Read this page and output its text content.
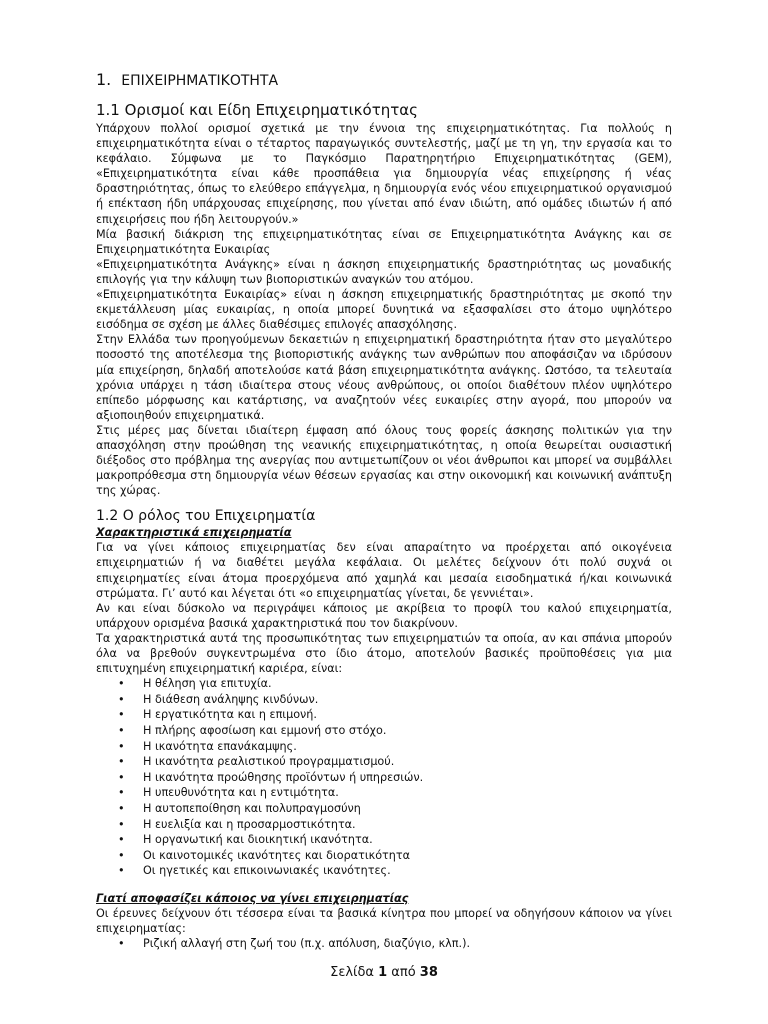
1. ΕΠΙΧΕΙΡΗΜΑΤΙΚΟΤΗΤΑ
1.1 Ορισμοί και Είδη Επιχειρηματικότητας

Υπάρχουν πολλοί ορισμοί σχετικά με την έννοια της επιχειρηματικότητας. Για πολλούς η επιχειρηματικότητα είναι ο τέταρτος παραγωγικός συντελεστής, μαζί με τη γη, την εργασία και το κεφάλαιο. Σύμφωνα με το Παγκόσμιο Παρατηρητήριο Επιχειρηματικότητας (GEM), «Επιχειρηματικότητα είναι κάθε προσπάθεια για δημιουργία νέας επιχείρησης ή νέας δραστηριότητας, όπως το ελεύθερο επάγγελμα, η δημιουργία ενός νέου επιχειρηματικού οργανισμού ή επέκταση ήδη υπάρχουσας επιχείρησης, που γίνεται από έναν ιδιώτη, από ομάδες ιδιωτών ή από επιχειρήσεις που ήδη λειτουργούν.»

Μία βασική διάκριση της επιχειρηματικότητας είναι σε Επιχειρηματικότητα Ανάγκης και σε Επιχειρηματικότητα Ευκαιρίας

«Επιχειρηματικότητα Ανάγκης» είναι η άσκηση επιχειρηματικής δραστηριότητας ως μοναδικής επιλογής για την κάλυψη των βιοποριστικών αναγκών του ατόμου.

«Επιχειρηματικότητα Ευκαιρίας» είναι η άσκηση επιχειρηματικής δραστηριότητας με σκοπό την εκμετάλλευση μίας ευκαιρίας, η οποία μπορεί δυνητικά να εξασφαλίσει στο άτομο υψηλότερο εισόδημα σε σχέση με άλλες διαθέσιμες επιλογές απασχόλησης.

Στην Ελλάδα των προηγούμενων δεκαετιών η επιχειρηματική δραστηριότητα ήταν στο μεγαλύτερο ποσοστό της αποτέλεσμα της βιοποριστικής ανάγκης των ανθρώπων που αποφάσιζαν να ιδρύσουν μία επιχείρηση, δηλαδή αποτελούσε κατά βάση επιχειρηματικότητα ανάγκης. Ωστόσο, τα τελευταία χρόνια υπάρχει η τάση ιδιαίτερα στους νέους ανθρώπους, οι οποίοι διαθέτουν πλέον υψηλότερο επίπεδο μόρφωσης και κατάρτισης, να αναζητούν νέες ευκαιρίες στην αγορά, που μπορούν να αξιοποιηθούν επιχειρηματικά.

Στις μέρες μας δίνεται ιδιαίτερη έμφαση από όλους τους φορείς άσκησης πολιτικών για την απασχόληση στην προώθηση της νεανικής επιχειρηματικότητας, η οποία θεωρείται ουσιαστική διέξοδος στο πρόβλημα της ανεργίας που αντιμετωπίζουν οι νέοι άνθρωποι και μπορεί να συμβάλλει μακροπρόθεσμα στη δημιουργία νέων θέσεων εργασίας και στην οικονομική και κοινωνική ανάπτυξη της χώρας.

1.2 Ο ρόλος του Επιχειρηματία
Χαρακτηριστικά επιχειρηματία

Για να γίνει κάποιος επιχειρηματίας δεν είναι απαραίτητο να προέρχεται από οικογένεια επιχειρηματιών ή να διαθέτει μεγάλα κεφάλαια. Οι μελέτες δείχνουν ότι πολύ συχνά οι επιχειρηματίες είναι άτομα προερχόμενα από χαμηλά και μεσαία εισοδηματικά ή/και κοινωνικά στρώματα. Γι’ αυτό και λέγεται ότι «ο επιχειρηματίας γίνεται, δε γεννιέται».

Αν και είναι δύσκολο να περιγράψει κάποιος με ακρίβεια το προφίλ του καλού επιχειρηματία, υπάρχουν ορισμένα βασικά χαρακτηριστικά που τον διακρίνουν.

Τα χαρακτηριστικά αυτά της προσωπικότητας των επιχειρηματιών τα οποία, αν και σπάνια μπορούν όλα να βρεθούν συγκεντρωμένα στο ίδιο άτομο, αποτελούν βασικές προϋποθέσεις για μια επιτυχημένη επιχειρηματική καριέρα, είναι:

• Η θέληση για επιτυχία.
• Η διάθεση ανάληψης κινδύνων.
• Η εργατικότητα και η επιμονή.
• Η πλήρης αφοσίωση και εμμονή στο στόχο.
• Η ικανότητα επανάκαμψης.
• Η ικανότητα ρεαλιστικού προγραμματισμού.
• Η ικανότητα προώθησης προϊόντων ή υπηρεσιών.
• Η υπευθυνότητα και η εντιμότητα.
• Η αυτοπεποίθηση και πολυπραγμοσύνη
• Η ευελιξία και η προσαρμοστικότητα.
• Η οργανωτική και διοικητική ικανότητα.
• Οι καινοτομικές ικανότητες και διορατικότητα
• Οι ηγετικές και επικοινωνιακές ικανότητες.
Γιατί αποφασίζει κάποιος να γίνει επιχειρηματίας

Οι έρευνες δείχνουν ότι τέσσερα είναι τα βασικά κίνητρα που μπορεί να οδηγήσουν κάποιον να γίνει επιχειρηματίας:

• Ριζική αλλαγή στη ζωή του (π.χ. απόλυση, διαζύγιο, κλπ.).
Σελίδα 1 από 38
